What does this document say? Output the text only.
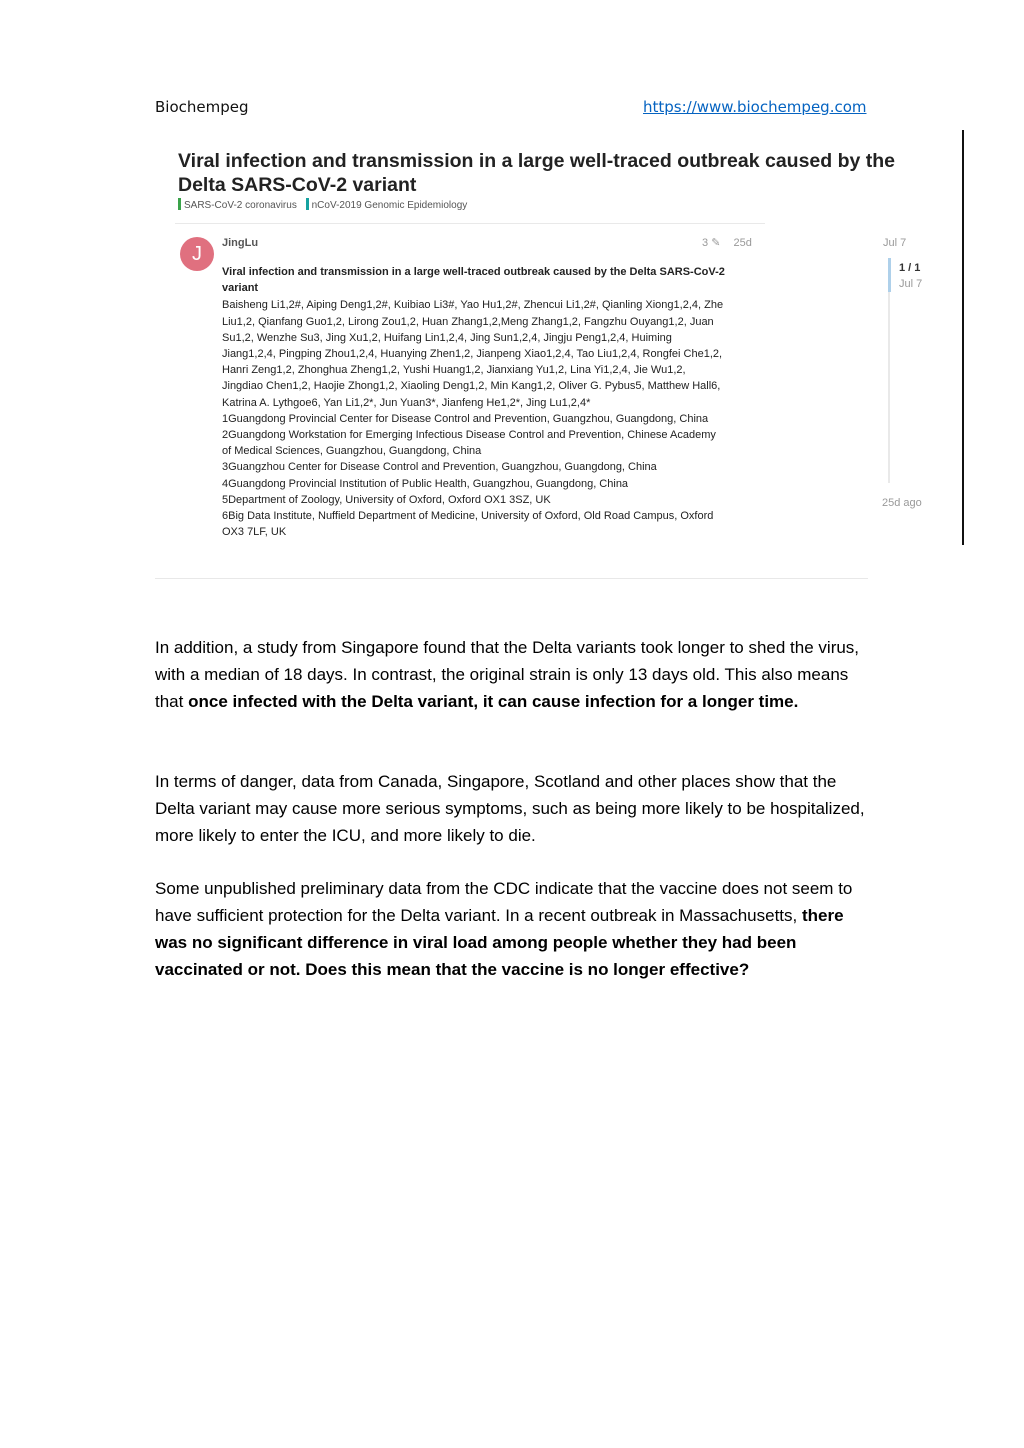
Biochempeg	https://www.biochempeg.com
Viral infection and transmission in a large well-traced outbreak caused by the
Delta SARS-CoV-2 variant
SARS-CoV-2 coronavirus nCoV-2019 Genomic Epidemiology
J	JingLu	3 ✎ 25d
Viral infection and transmission in a large well-traced outbreak caused by the Delta SARS-CoV-2
variant
Baisheng Li1,2#, Aiping Deng1,2#, Kuibiao Li3#, Yao Hu1,2#, Zhencui Li1,2#, Qianling Xiong1,2,4, Zhe
Liu1,2, Qianfang Guo1,2, Lirong Zou1,2, Huan Zhang1,2,Meng Zhang1,2, Fangzhu Ouyang1,2, Juan
Su1,2, Wenzhe Su3, Jing Xu1,2, Huifang Lin1,2,4, Jing Sun1,2,4, Jingju Peng1,2,4, Huiming
Jiang1,2,4, Pingping Zhou1,2,4, Huanying Zhen1,2, Jianpeng Xiao1,2,4, Tao Liu1,2,4, Rongfei Che1,2,
Hanri Zeng1,2, Zhonghua Zheng1,2, Yushi Huang1,2, Jianxiang Yu1,2, Lina Yi1,2,4, Jie Wu1,2,
Jingdiao Chen1,2, Haojie Zhong1,2, Xiaoling Deng1,2, Min Kang1,2, Oliver G. Pybus5, Matthew Hall6,
Katrina A. Lythgoe6, Yan Li1,2*, Jun Yuan3*, Jianfeng He1,2*, Jing Lu1,2,4*
1Guangdong Provincial Center for Disease Control and Prevention, Guangzhou, Guangdong, China
2Guangdong Workstation for Emerging Infectious Disease Control and Prevention, Chinese Academy
of Medical Sciences, Guangzhou, Guangdong, China
3Guangzhou Center for Disease Control and Prevention, Guangzhou, Guangdong, China
4Guangdong Provincial Institution of Public Health, Guangzhou, Guangdong, China
5Department of Zoology, University of Oxford, Oxford OX1 3SZ, UK
6Big Data Institute, Nuffield Department of Medicine, University of Oxford, Old Road Campus, Oxford
OX3 7LF, UK
Jul 7
1 / 1
Jul 7
25d ago
In addition, a study from Singapore found that the Delta variants took longer to shed the virus, with a median of 18 days. In contrast, the original strain is only 13 days old. This also means that once infected with the Delta variant, it can cause infection for a longer time.
In terms of danger, data from Canada, Singapore, Scotland and other places show that the Delta variant may cause more serious symptoms, such as being more likely to be hospitalized, more likely to enter the ICU, and more likely to die.
Some unpublished preliminary data from the CDC indicate that the vaccine does not seem to have sufficient protection for the Delta variant. In a recent outbreak in Massachusetts, there was no significant difference in viral load among people whether they had been vaccinated or not. Does this mean that the vaccine is no longer effective?
